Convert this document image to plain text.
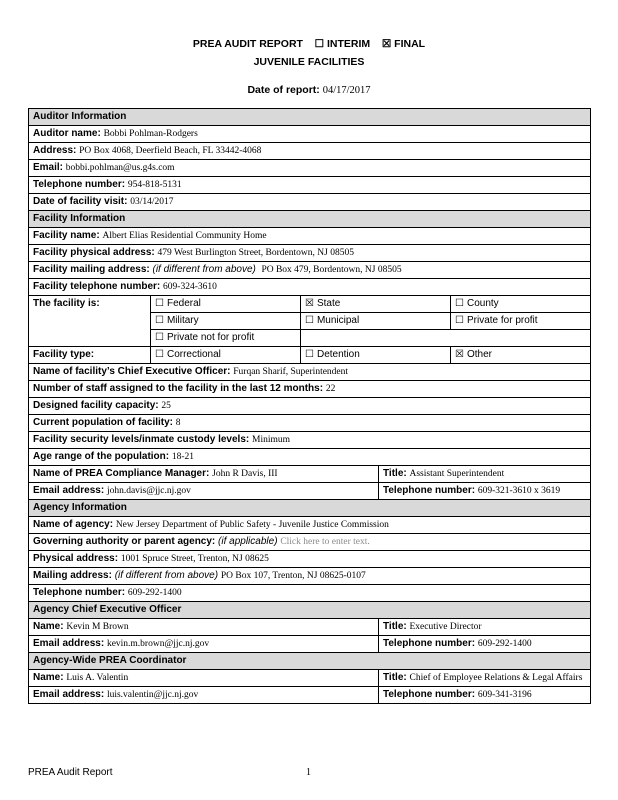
PREA AUDIT REPORT ☐ INTERIM ☒ FINAL
JUVENILE FACILITIES
Date of report: 04/17/2017
Auditor Information				
Auditor name: Bobbi Pohlman-Rodgers				
Address: PO Box 4068, Deerfield Beach, FL 33442-4068				
Email: bobbi.pohlman@us.g4s.com				
Telephone number: 954-818-5131				
Date of facility visit: 03/14/2017				
Facility Information				
Facility name: Albert Elias Residential Community Home				
Facility physical address: 479 West Burlington Street, Bordentown, NJ 08505				
Facility mailing address: (if different from above) PO Box 479, Bordentown, NJ 08505				
Facility telephone number: 609-324-3610				
The facility is:	☐ Federal	☒ State		☐ County
	☐ Military	☐ Municipal		☐ Private for profit
	☐ Private not for profit			
Facility type:	☐ Correctional	☐ Detention		☒ Other
Name of facility’s Chief Executive Officer: Furqan Sharif, Superintendent				
Number of staff assigned to the facility in the last 12 months: 22				
Designed facility capacity: 25				
Current population of facility: 8				
Facility security levels/inmate custody levels: Minimum				
Age range of the population: 18-21				
Name of PREA Compliance Manager: John R Davis, III			Title: Assistant Superintendent	
Email address: john.davis@jjc.nj.gov			Telephone number: 609-321-3610 x 3619	
Agency Information				
Name of agency: New Jersey Department of Public Safety - Juvenile Justice Commission				
Governing authority or parent agency: (if applicable) Click here to enter text.				
Physical address: 1001 Spruce Street, Trenton, NJ 08625				
Mailing address: (if different from above) PO Box 107, Trenton, NJ 08625-0107				
Telephone number: 609-292-1400				
Agency Chief Executive Officer				
Name: Kevin M Brown			Title: Executive Director	
Email address: kevin.m.brown@jjc.nj.gov			Telephone number: 609-292-1400	
Agency-Wide PREA Coordinator				
Name: Luis A. Valentin			Title: Chief of Employee Relations & Legal Affairs	
Email address: luis.valentin@jjc.nj.gov			Telephone number: 609-341-3196	
PREA Audit Report	1
